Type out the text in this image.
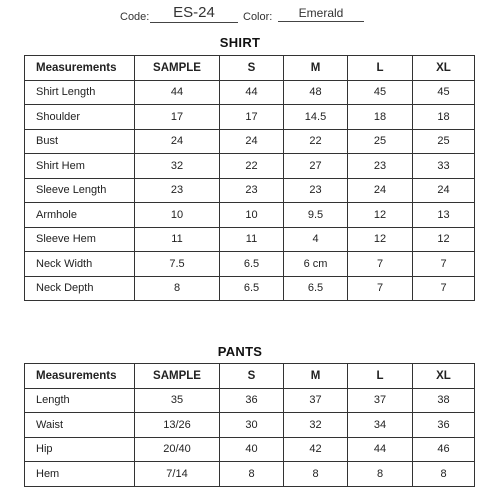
Code:	ES-24	Color:	Emerald
SHIRT
Measurements	SAMPLE	S	M	L	XL
Shirt Length	44	44	48	45	45
Shoulder	17	17	14.5	18	18
Bust	24	24	22	25	25
Shirt Hem	32	22	27	23	33
Sleeve Length	23	23	23	24	24
Armhole	10	10	9.5	12	13
Sleeve Hem	11	11	4	12	12
Neck Width	7.5	6.5	6 cm	7	7
Neck Depth	8	6.5	6.5	7	7
PANTS
Measurements	SAMPLE	S	M	L	XL
Length	35	36	37	37	38
Waist	13/26	30	32	34	36
Hip	20/40	40	42	44	46
Hem	7/14	8	8	8	8
